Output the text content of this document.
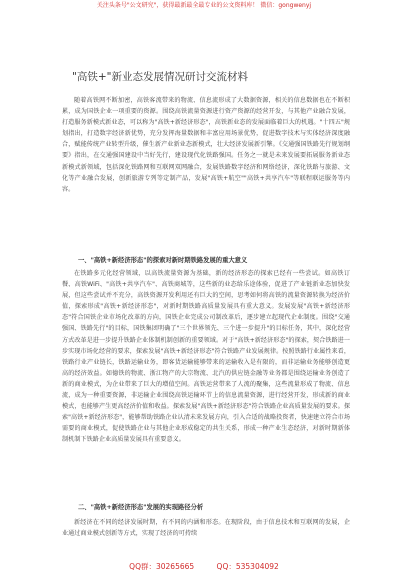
关注头条号"公文研究"，获得最新最全最专业的公文资料库！ 微信：gongwenyj
"高铁+"新业态发展情况研讨交流材料
随着高铁网不断加密，高铁客流带来的物流、信息流形成了大数据资源，相关的信息数据也在不断积累，成为国铁企业一项重要的资源。围绕高铁流量资源进行资产资源的经营开发，与其他产业融合发展，打造服务新模式新业态，可以称为"高铁+新经济形态"，高铁新业态的发展面临着巨大的机遇。"十四五"规划指出，打造数字经济新优势，充分发挥海量数据和丰富应用场景优势，促进数字技术与实体经济深度融合，赋能传统产业转型升级，催生新产业新业态新模式，壮大经济发展新引擎。《交通强国铁路先行规划纲要》指出，在交通强国建设中当好先行，建设现代化铁路强国。任务之一就是未来发展要拓展服务新业态新模式新领域，包括深化铁路网和互联网双网融合，发展铁路数字经济和网络经济，深化铁路与旅游、文化等产业融合发展，创新旅游专列等定制产品，发展"高铁+航空""高铁+共享汽车"等联程联运服务等内容。
一、"高铁+新经济形态"的探索对新时期铁路发展的重大意义
在铁路多元化经营领域，以高铁流量资源为基础，新的经济形态的探索已经有一些尝试。如高铁订餐、高铁WiFi、"高铁+共享汽车"、高铁商城等，这些新的业态给乐途体验，促进了产业链新业态加快发展，但这些尝试并不充分，高铁资源开发利用还有巨大的空间，思考如何将高铁的流量资源转换为经济价值，探索形成"高铁+新经济形态"，对新时期铁路高质量发展具有重大意义。发展发展"高铁+新经济形态"符合国铁企业市场化改革的方向，国铁企业完成公司制改革后，逐步建立起现代企业制度。围绕"交通强国、铁路先行"的目标，国铁集团明确了"三个世界领先、三个进一步提升"的目标任务，其中，深化经营方式改革是进一步提升铁路企业体制机制创新的重要领域。对于"高铁+新经济形态"的探索，契合铁路进一步实现市场化经营的要求，探索发展"高铁+新经济形态"符合铁路产业发展规律。按照铁路行业属性来看，铁路行业产业链长，铁路运输业务，即客货运输能够带来的运输收入是有限的，而非运输业务能够创造更高的经济效益。如德铁的物流、浙江物产的大宗物流、北汽的供应链金融等业务都是围绕运输业务创造了新的商业模式，为企业带来了巨大的增值空间。高铁运营带来了人流的聚集，这些流量形成了物流、信息流，成为一种重要资源，非运输企业围绕高铁运输环节上的信息流量资源，进行经营开发，形成新的商业模式，也能够产生更高经济价值和收益。探索发展"高铁+新经济形态"符合铁路企业高质量发展的要求。探索"高铁+新经济形态"，能够帮助铁路企业认清未来发展方向，引入合适的战略投资者，快速建立符合市场需要的商业模式，促使铁路企业与其他企业形成稳定的共生关系，形成一种产业生态经济，对新时期新体制机制下铁路企业高质量发展具有重要意义。
二、"高铁+新经济形态"发展的实现路径分析
新经济在不同的经济发展时期，有不同的内涵和形态。在现阶段，由于信息技术和互联网的发展，企业通过商业模式创新等方式，实现了经济的可持续
QQ群：30265665	QQ：535304092
